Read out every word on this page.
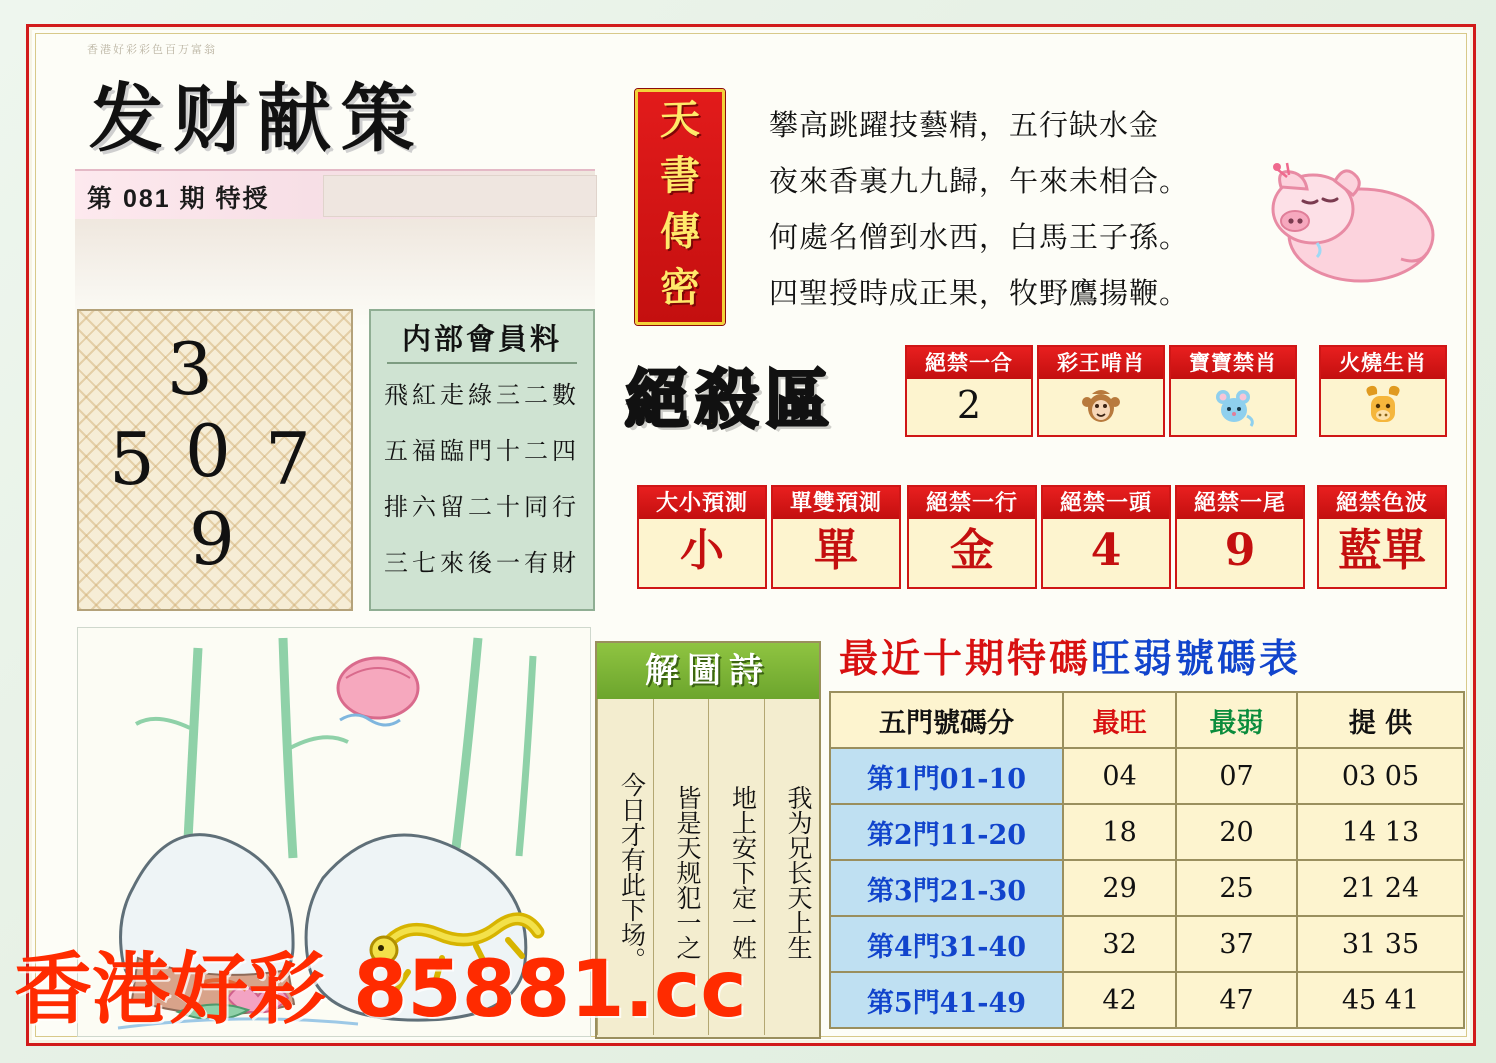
香港好彩彩色百万富翁
发财献策
第 081 期 特授
天
書
傳
密
攀高跳躍技藝精，五行缺水金
夜來香裏九九歸，午來未相合。
何處名僧到水西，白馬王子孫。
四聖授時成正果，牧野鷹揚鞭。
3
5 0 7
9
内部會員料
飛紅走綠三二數
五福臨門十二四
排六留二十同行
三七來後一有財
絕殺區
絕禁一合
2
彩王啃肖	寶寶禁肖	火燒生肖
大小預測
小
單雙預測
單
絕禁一行
金
絕禁一頭
4
絕禁一尾
9
絕禁色波
藍單
解圖詩
我为兄长天上生
地上安下定一姓
皆是天规犯一之
今日才有此下场。
最近十期特碼旺弱號碼表
五門號碼分	最旺	最弱	提 供
第1門01-10	04	07	03 05
第2門11-20	18	20	14 13
第3門21-30	29	25	21 24
第4門31-40	32	37	31 35
第5門41-49	42	47	45 41
香港好彩 85881.cc
